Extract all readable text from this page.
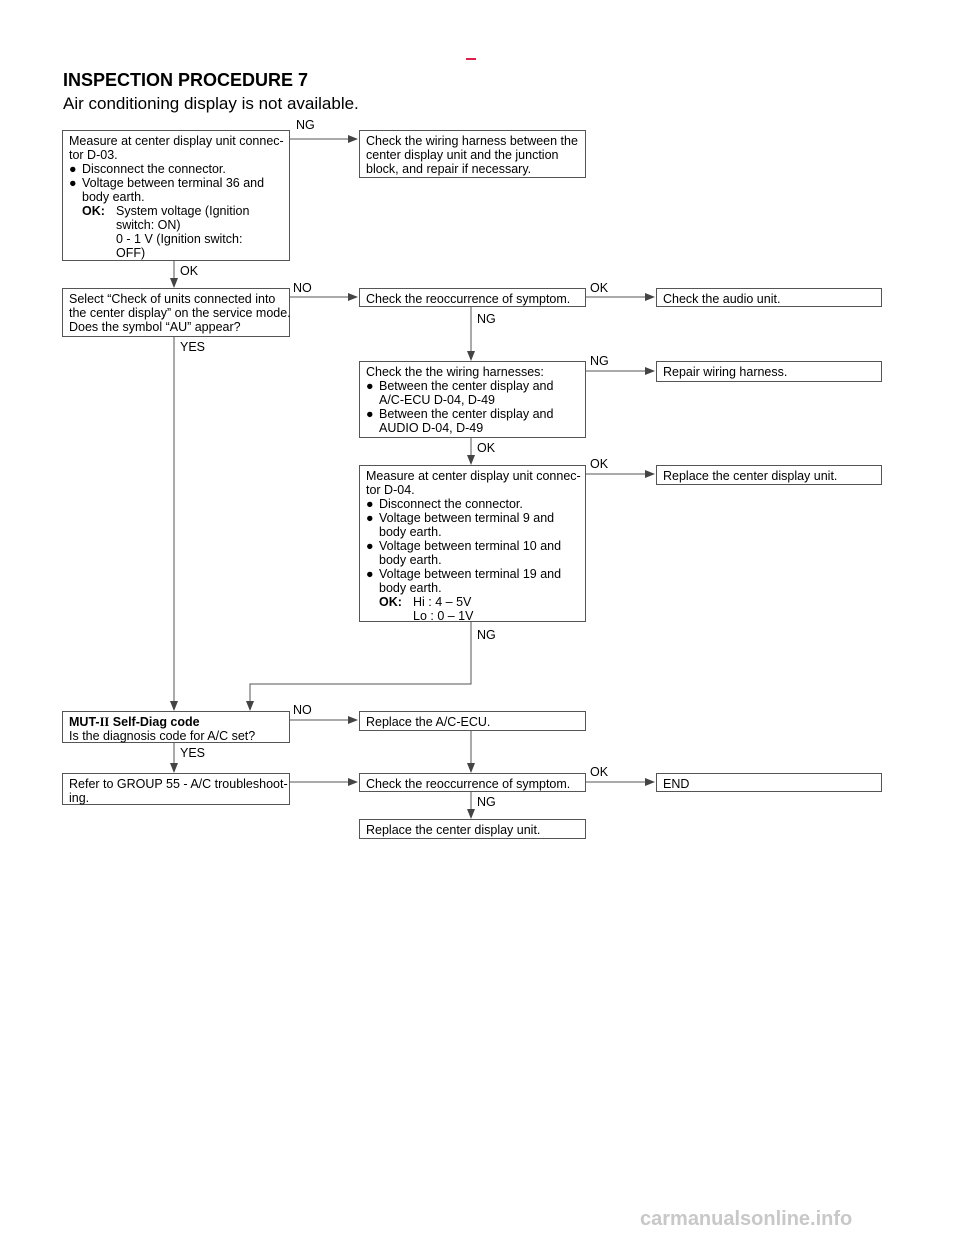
INSPECTION PROCEDURE 7
Air conditioning display is not available.
Measure at center display unit connec-
tor D-03.
● Disconnect the connector.
● Voltage between terminal 36 and
body earth.
OK: System voltage (Ignition
switch: ON)
0 - 1 V (Ignition switch:
OFF)
Check the wiring harness between the
center display unit and the junction
block, and repair if necessary.
Select “Check of units connected into
the center display” on the service mode.
Does the symbol “AU” appear?
Check the reoccurrence of symptom.	Check the audio unit.
Check the the wiring harnesses:
● Between the center display and
A/C-ECU D-04, D-49
● Between the center display and
AUDIO D-04, D-49
Repair wiring harness.
Measure at center display unit connec-
tor D-04.
● Disconnect the connector.
● Voltage between terminal 9 and
body earth.
● Voltage between terminal 10 and
body earth.
● Voltage between terminal 19 and
body earth.
OK: Hi : 4 – 5V
Lo : 0 – 1V
Replace the center display unit.
MUT-II Self-Diag code
Is the diagnosis code for A/C set?
Replace the A/C-ECU.
Refer to GROUP 55 - A/C troubleshoot-
ing.
Check the reoccurrence of symptom.	END
Replace the center display unit.
NG
OK
NO
YES
OK
NG
NG
OK
OK
NG
NO
YES
OK
NG
carmanualsonline.info
